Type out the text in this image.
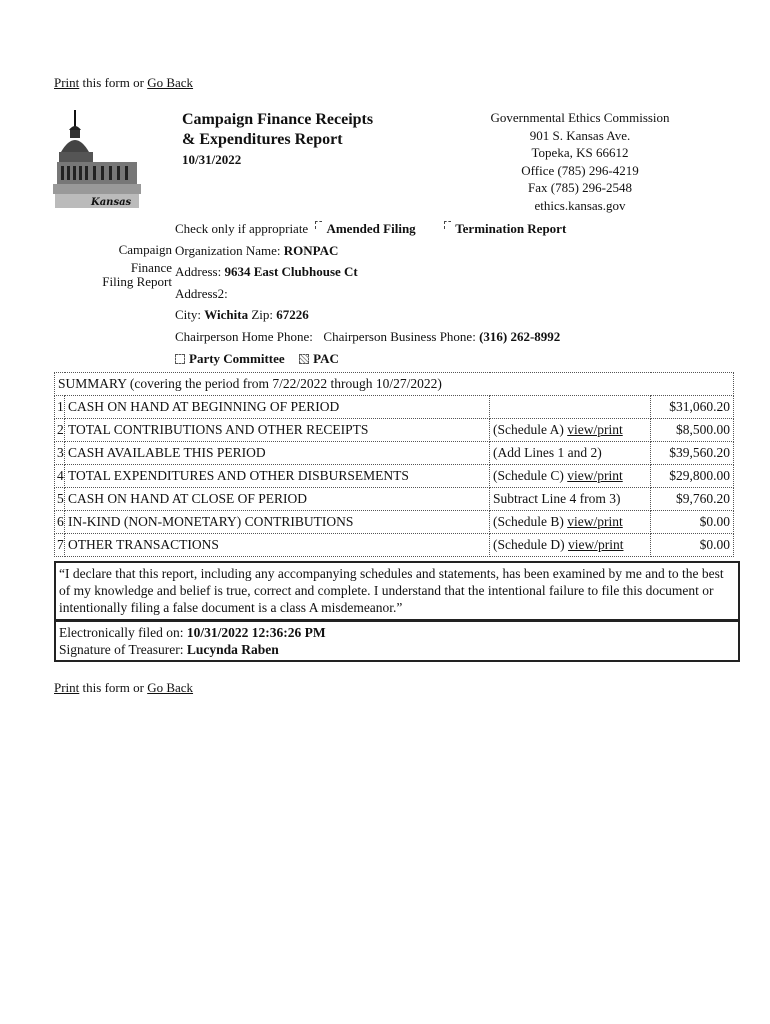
Print this form or Go Back
Kansas
Campaign Finance Receipts
& Expenditures Report
10/31/2022
Governmental Ethics Commission
901 S. Kansas Ave.
Topeka, KS 66612
Office (785) 296-4219
Fax (785) 296-2548
ethics.kansas.gov
Check only if appropriate Amended Filing	Termination Report
Campaign
Finance
Filing Report
Organization Name: RONPAC
Address: 9634 East Clubhouse Ct
Address2:
City: Wichita Zip: 67226
Chairperson Home Phone: Chairperson Business Phone: (316) 262-8992
Party Committee PAC
SUMMARY (covering the period from 7/22/2022 through 10/27/2022)			
1	CASH ON HAND AT BEGINNING OF PERIOD		$31,060.20
2	TOTAL CONTRIBUTIONS AND OTHER RECEIPTS	(Schedule A) view/print	$8,500.00
3	CASH AVAILABLE THIS PERIOD	(Add Lines 1 and 2)	$39,560.20
4	TOTAL EXPENDITURES AND OTHER DISBURSEMENTS	(Schedule C) view/print	$29,800.00
5	CASH ON HAND AT CLOSE OF PERIOD	Subtract Line 4 from 3)	$9,760.20
6	IN-KIND (NON-MONETARY) CONTRIBUTIONS	(Schedule B) view/print	$0.00
7	OTHER TRANSACTIONS	(Schedule D) view/print	$0.00
“I declare that this report, including any accompanying schedules and statements, has been examined by me and to the best of my knowledge and belief is true, correct and complete. I understand that the intentional failure to file this document or intentionally filing a false document is a class A misdemeanor.”
Electronically filed on: 10/31/2022 12:36:26 PM
Signature of Treasurer: Lucynda Raben
Print this form or Go Back
